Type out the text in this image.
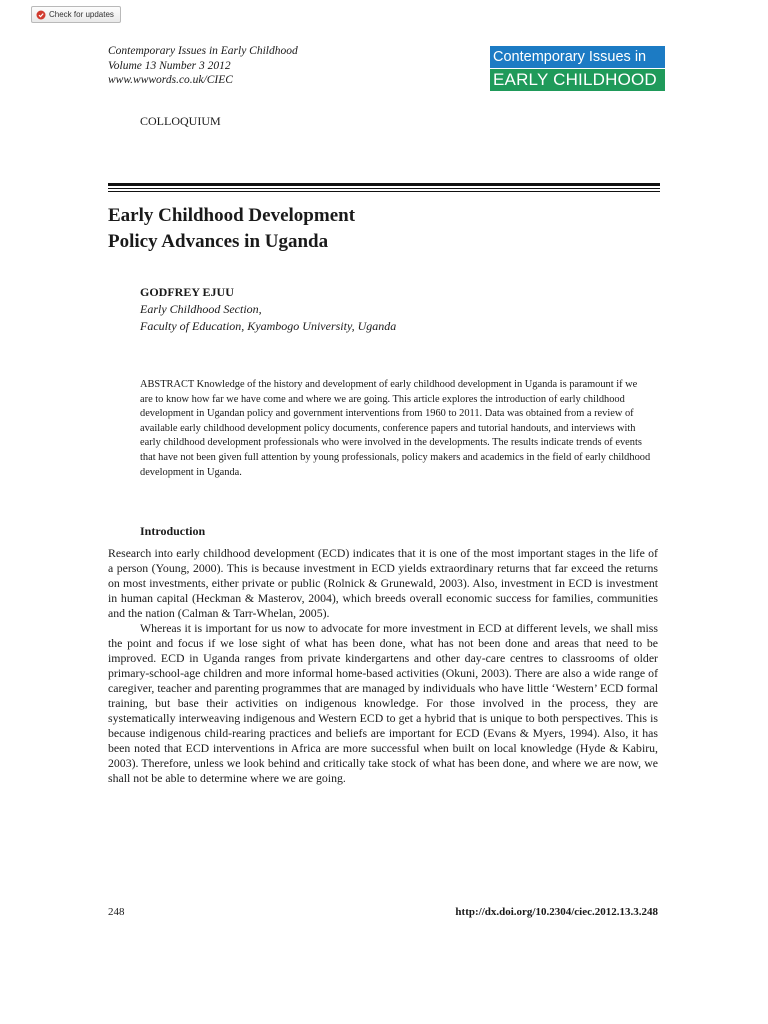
Check for updates
Contemporary Issues in Early Childhood
Volume 13 Number 3 2012
www.wwwords.co.uk/CIEC
Contemporary Issues in
EARLY CHILDHOOD
COLLOQUIUM
Early Childhood Development
Policy Advances in Uganda
GODFREY EJUU
Early Childhood Section,
Faculty of Education, Kyambogo University, Uganda

ABSTRACT Knowledge of the history and development of early childhood development in Uganda is paramount if we are to know how far we have come and where we are going. This article explores the introduction of early childhood development in Ugandan policy and government interventions from 1960 to 2011. Data was obtained from a review of available early childhood development policy documents, conference papers and tutorial handouts, and interviews with early childhood development professionals who were involved in the developments. The results indicate trends of events that have not been given full attention by young professionals, policy makers and academics in the field of early childhood development in Uganda.

Introduction

Research into early childhood development (ECD) indicates that it is one of the most important stages in the life of a person (Young, 2000). This is because investment in ECD yields extraordinary returns that far exceed the returns on most investments, either private or public (Rolnick & Grunewald, 2003). Also, investment in ECD is investment in human capital (Heckman & Masterov, 2004), which breeds overall economic success for families, communities and the nation (Calman & Tarr-Whelan, 2005).

Whereas it is important for us now to advocate for more investment in ECD at different levels, we shall miss the point and focus if we lose sight of what has been done, what has not been done and areas that need to be improved. ECD in Uganda ranges from private kindergartens and other day-care centres to classrooms of older primary-school-age children and more informal home-based activities (Okuni, 2003). There are also a wide range of caregiver, teacher and parenting programmes that are managed by individuals who have little ‘Western’ ECD formal training, but base their activities on indigenous knowledge. For those involved in the process, they are systematically interweaving indigenous and Western ECD to get a hybrid that is unique to both perspectives. This is because indigenous child-rearing practices and beliefs are important for ECD (Evans & Myers, 1994). Also, it has been noted that ECD interventions in Africa are more successful when built on local knowledge (Hyde & Kabiru, 2003). Therefore, unless we look behind and critically take stock of what has been done, and where we are now, we shall not be able to determine where we are going.

248	http://dx.doi.org/10.2304/ciec.2012.13.3.248
